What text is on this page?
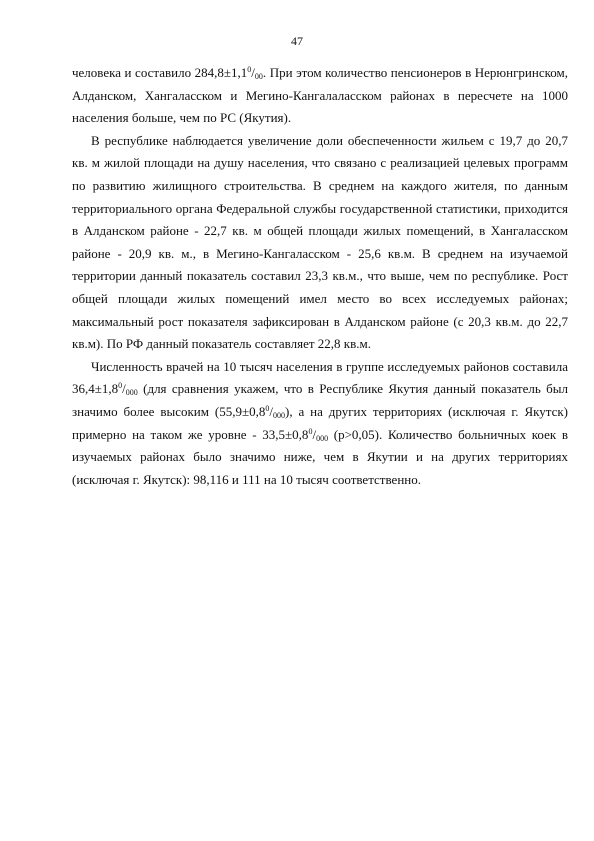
47

человека и составило $284,8\pm 1,1^0/_{00}$. При этом количество пенсионеров в Нерюнгринском, Алданском, Хангаласском и Мегино-Кангалаласском районах в пересчете на 1000 населения больше, чем по РС (Якутия).

В республике наблюдается увеличение доли обеспеченности жильем с 19,7 до 20,7 кв. м жилой площади на душу населения, что связано с реализацией целевых программ по развитию жилищного строительства. В среднем на каждого жителя, по данным территориального органа Федеральной службы государственной статистики, приходится в Алданском районе - 22,7 кв. м общей площади жилых помещений, в Хангаласском районе - 20,9 кв. м., в Мегино-Кангаласском - 25,6 кв.м. В среднем на изучаемой территории данный показатель составил 23,3 кв.м., что выше, чем по республике. Рост общей площади жилых помещений имел место во всех исследуемых районах; максимальный рост показателя зафиксирован в Алданском районе (с 20,3 кв.м. до 22,7 кв.м). По РФ данный показатель составляет 22,8 кв.м.

Численность врачей на 10 тысяч населения в группе исследуемых районов составила $36,4\pm 1,8^0/_{000}$ (для сравнения укажем, что в Республике Якутия данный показатель был значимо более высоким $(55,9\pm 0,8^0/_{000})$, а на других территориях (исключая г. Якутск) примерно на таком же уровне - $33,5\pm 0,8^0/_{000}$ (p>0,05). Количество больничных коек в изучаемых районах было значимо ниже, чем в Якутии и на других территориях (исключая г. Якутск): 98,116 и 111 на 10 тысяч соответственно.
